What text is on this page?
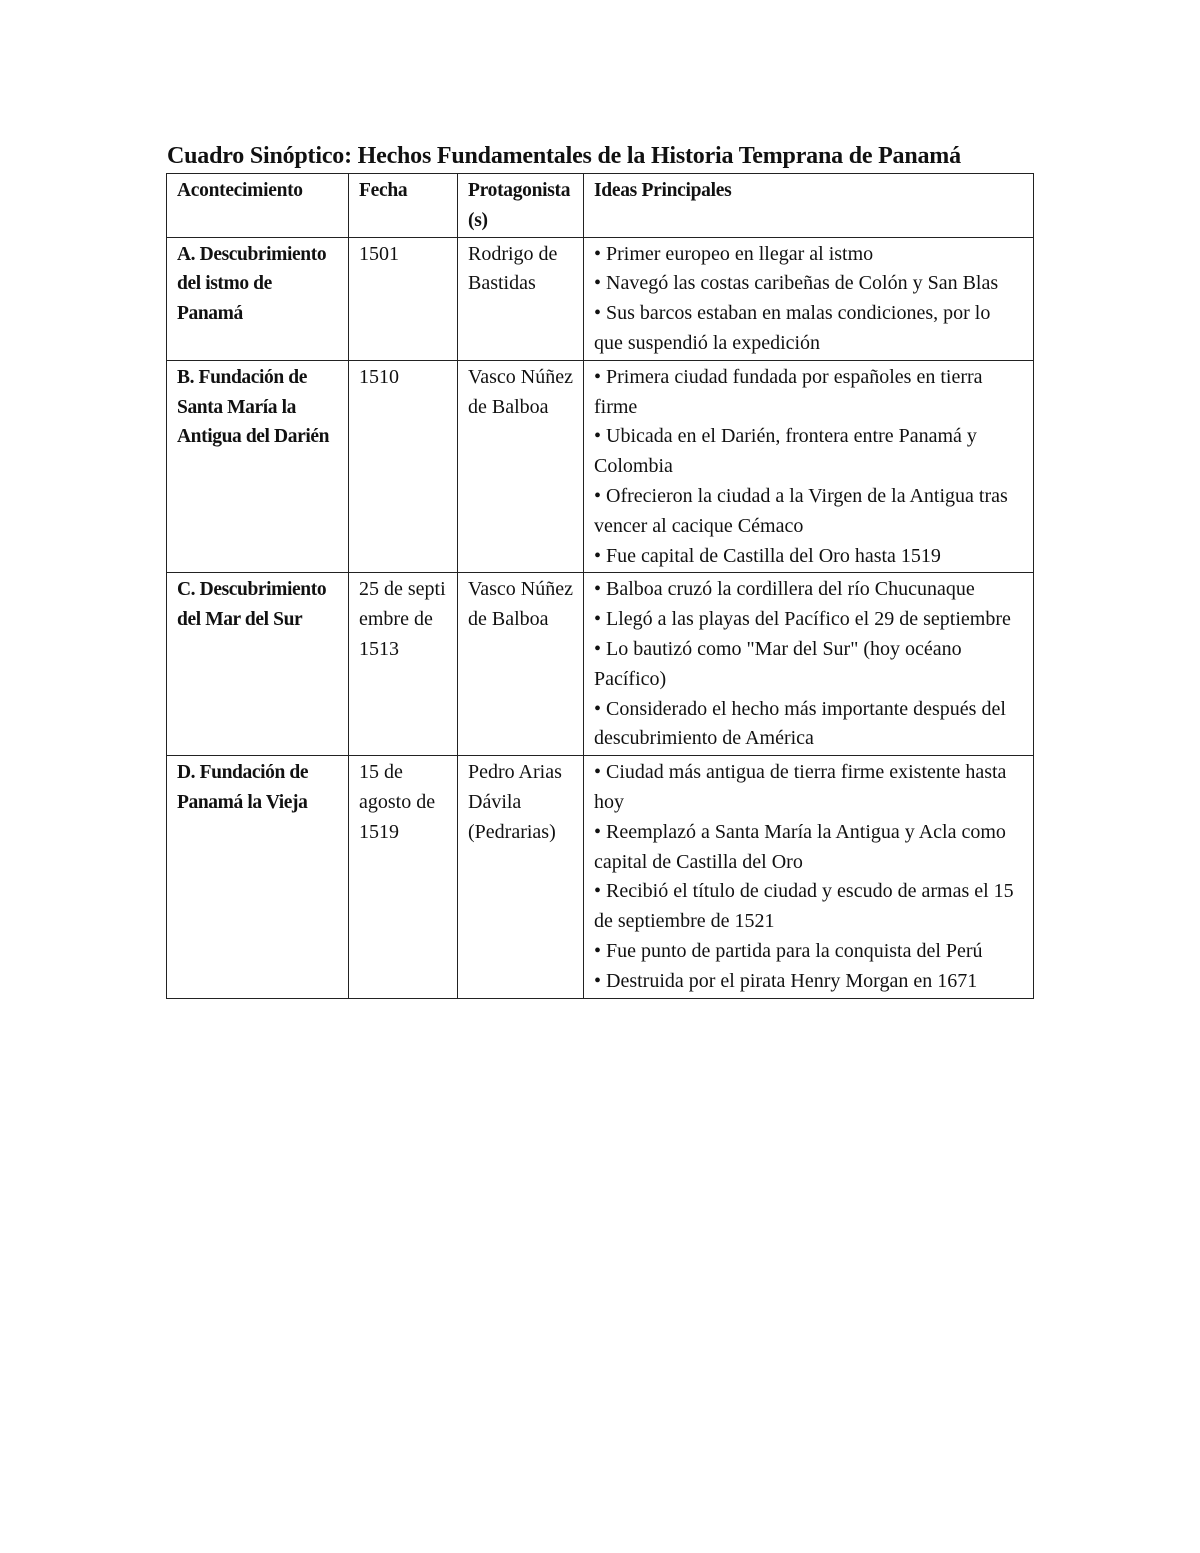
Cuadro Sinóptico: Hechos Fundamentales de la Historia Temprana de Panamá
Acontecimiento	Fecha	Protagonista(s)	Ideas Principales
A. Descubrimiento del istmo de Panamá	1501	Rodrigo de Bastidas	• Primer europeo en llegar al istmo
• Navegó las costas caribeñas de Colón y San Blas
• Sus barcos estaban en malas condiciones, por lo que suspendió la expedición

B. Fundación de Santa María la Antigua del Darién	1510	Vasco Núñez de Balboa	• Primera ciudad fundada por españoles en tierra firme
• Ubicada en el Darién, frontera entre Panamá y Colombia
• Ofrecieron la ciudad a la Virgen de la Antigua tras vencer al cacique Cémaco
• Fue capital de Castilla del Oro hasta 1519

C. Descubrimiento del Mar del Sur	25 de septiembre de 1513	Vasco Núñez de Balboa	• Balboa cruzó la cordillera del río Chucunaque
• Llegó a las playas del Pacífico el 29 de septiembre
• Lo bautizó como "Mar del Sur" (hoy océano Pacífico)
• Considerado el hecho más importante después del descubrimiento de América

D. Fundación de Panamá la Vieja	15 de agosto de 1519	Pedro Arias Dávila (Pedrarias)	• Ciudad más antigua de tierra firme existente hasta hoy
• Reemplazó a Santa María la Antigua y Acla como capital de Castilla del Oro
• Recibió el título de ciudad y escudo de armas el 15 de septiembre de 1521
• Fue punto de partida para la conquista del Perú
• Destruida por el pirata Henry Morgan en 1671
